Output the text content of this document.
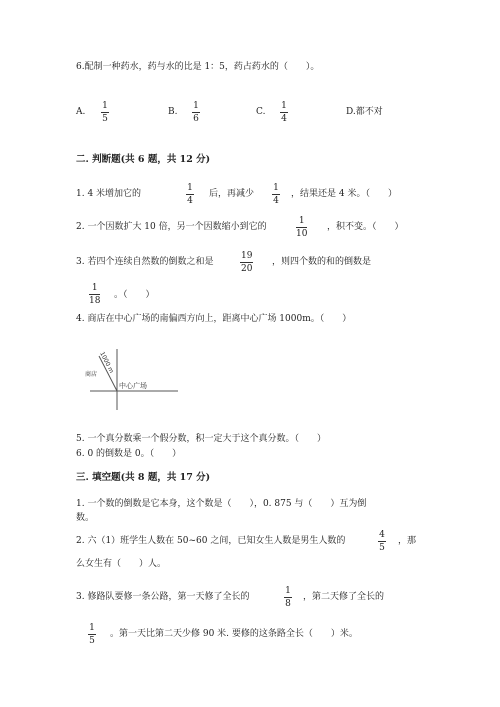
6.配制一种药水，药与水的比是 1：5，药占药水的（　　）。
A.
1
5
B.
1
6
C.
1
4
D.都不对
二. 判断题(共 6 题，共 12 分)
1. 4 米增加它的
1
4
后，再减少
1
4
，结果还是 4 米。（　　）
2. 一个因数扩大 10 倍，另一个因数缩小到它的
1
10
，积不变。（　　）
3. 若四个连续自然数的倒数之和是
19
20
，则四个数的和的倒数是
1
18
。（　　）
4. 商店在中心广场的南偏西方向上，距离中心广场 1000m。（　　）
商店
1000 m
中心广场
5. 一个真分数乘一个假分数，积一定大于这个真分数。（　　）
6. 0 的倒数是 0。（　　）
三. 填空题(共 8 题，共 17 分)
1. 一个数的倒数是它本身，这个数是（　　），0. 875 与（　　）互为倒
数。
2. 六（1）班学生人数在 50~60 之间，已知女生人数是男生人数的
4
5
，那
么女生有（　　）人。
3. 修路队要修一条公路，第一天修了全长的
1
8
，第二天修了全长的
1
5
。第一天比第二天少修 90 米. 要修的这条路全长（　　）米。
